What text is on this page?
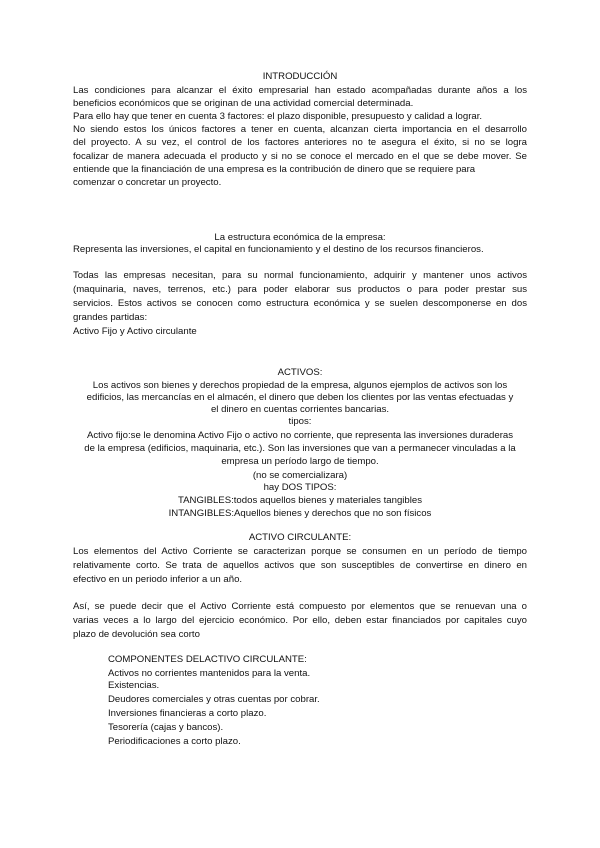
INTRODUCCIÓN
Las condiciones para alcanzar el éxito empresarial han estado acompañadas durante años a los
beneficios económicos que se originan de una actividad comercial determinada.
Para ello hay que tener en cuenta 3 factores: el plazo disponible, presupuesto y calidad a lograr.
No siendo estos los únicos factores a tener en cuenta, alcanzan cierta importancia en el desarrollo
del proyecto. A su vez, el control de los factores anteriores no te asegura el éxito, si no se logra
focalizar de manera adecuada el producto y si no se conoce el mercado en el que se debe mover. Se
entiende que la financiación de una empresa es la contribución de dinero que se requiere para
comenzar o concretar un proyecto.
La estructura económica de la empresa:
Representa las inversiones, el capital en funcionamiento y el destino de los recursos financieros.
Todas las empresas necesitan, para su normal funcionamiento, adquirir y mantener unos activos
(maquinaria, naves, terrenos, etc.) para poder elaborar sus productos o para poder prestar sus
servicios. Estos activos se conocen como estructura económica y se suelen descomponerse en dos
grandes partidas:
Activo Fijo y Activo circulante
ACTIVOS:
Los activos son bienes y derechos propiedad de la empresa, algunos ejemplos de activos son los
edificios, las mercancías en el almacén, el dinero que deben los clientes por las ventas efectuadas y
el dinero en cuentas corrientes bancarias.
tipos:
Activo fijo:se le denomina Activo Fijo o activo no corriente, que representa las inversiones duraderas
de la empresa (edificios, maquinaria, etc.). Son las inversiones que van a permanecer vinculadas a la
empresa un período largo de tiempo.
(no se comercializara)
hay DOS TIPOS:
TANGIBLES:todos aquellos bienes y materiales tangibles
INTANGIBLES:Aquellos bienes y derechos que no son físicos
ACTIVO CIRCULANTE:
Los elementos del Activo Corriente se caracterizan porque se consumen en un período de tiempo
relativamente corto. Se trata de aquellos activos que son susceptibles de convertirse en dinero en
efectivo en un periodo inferior a un año.
Así, se puede decir que el Activo Corriente está compuesto por elementos que se renuevan una o
varias veces a lo largo del ejercicio económico. Por ello, deben estar financiados por capitales cuyo
plazo de devolución sea corto
COMPONENTES DELACTIVO CIRCULANTE:
Activos no corrientes mantenidos para la venta.
Existencias.
Deudores comerciales y otras cuentas por cobrar.
Inversiones financieras a corto plazo.
Tesorería (cajas y bancos).
Periodificaciones a corto plazo.
